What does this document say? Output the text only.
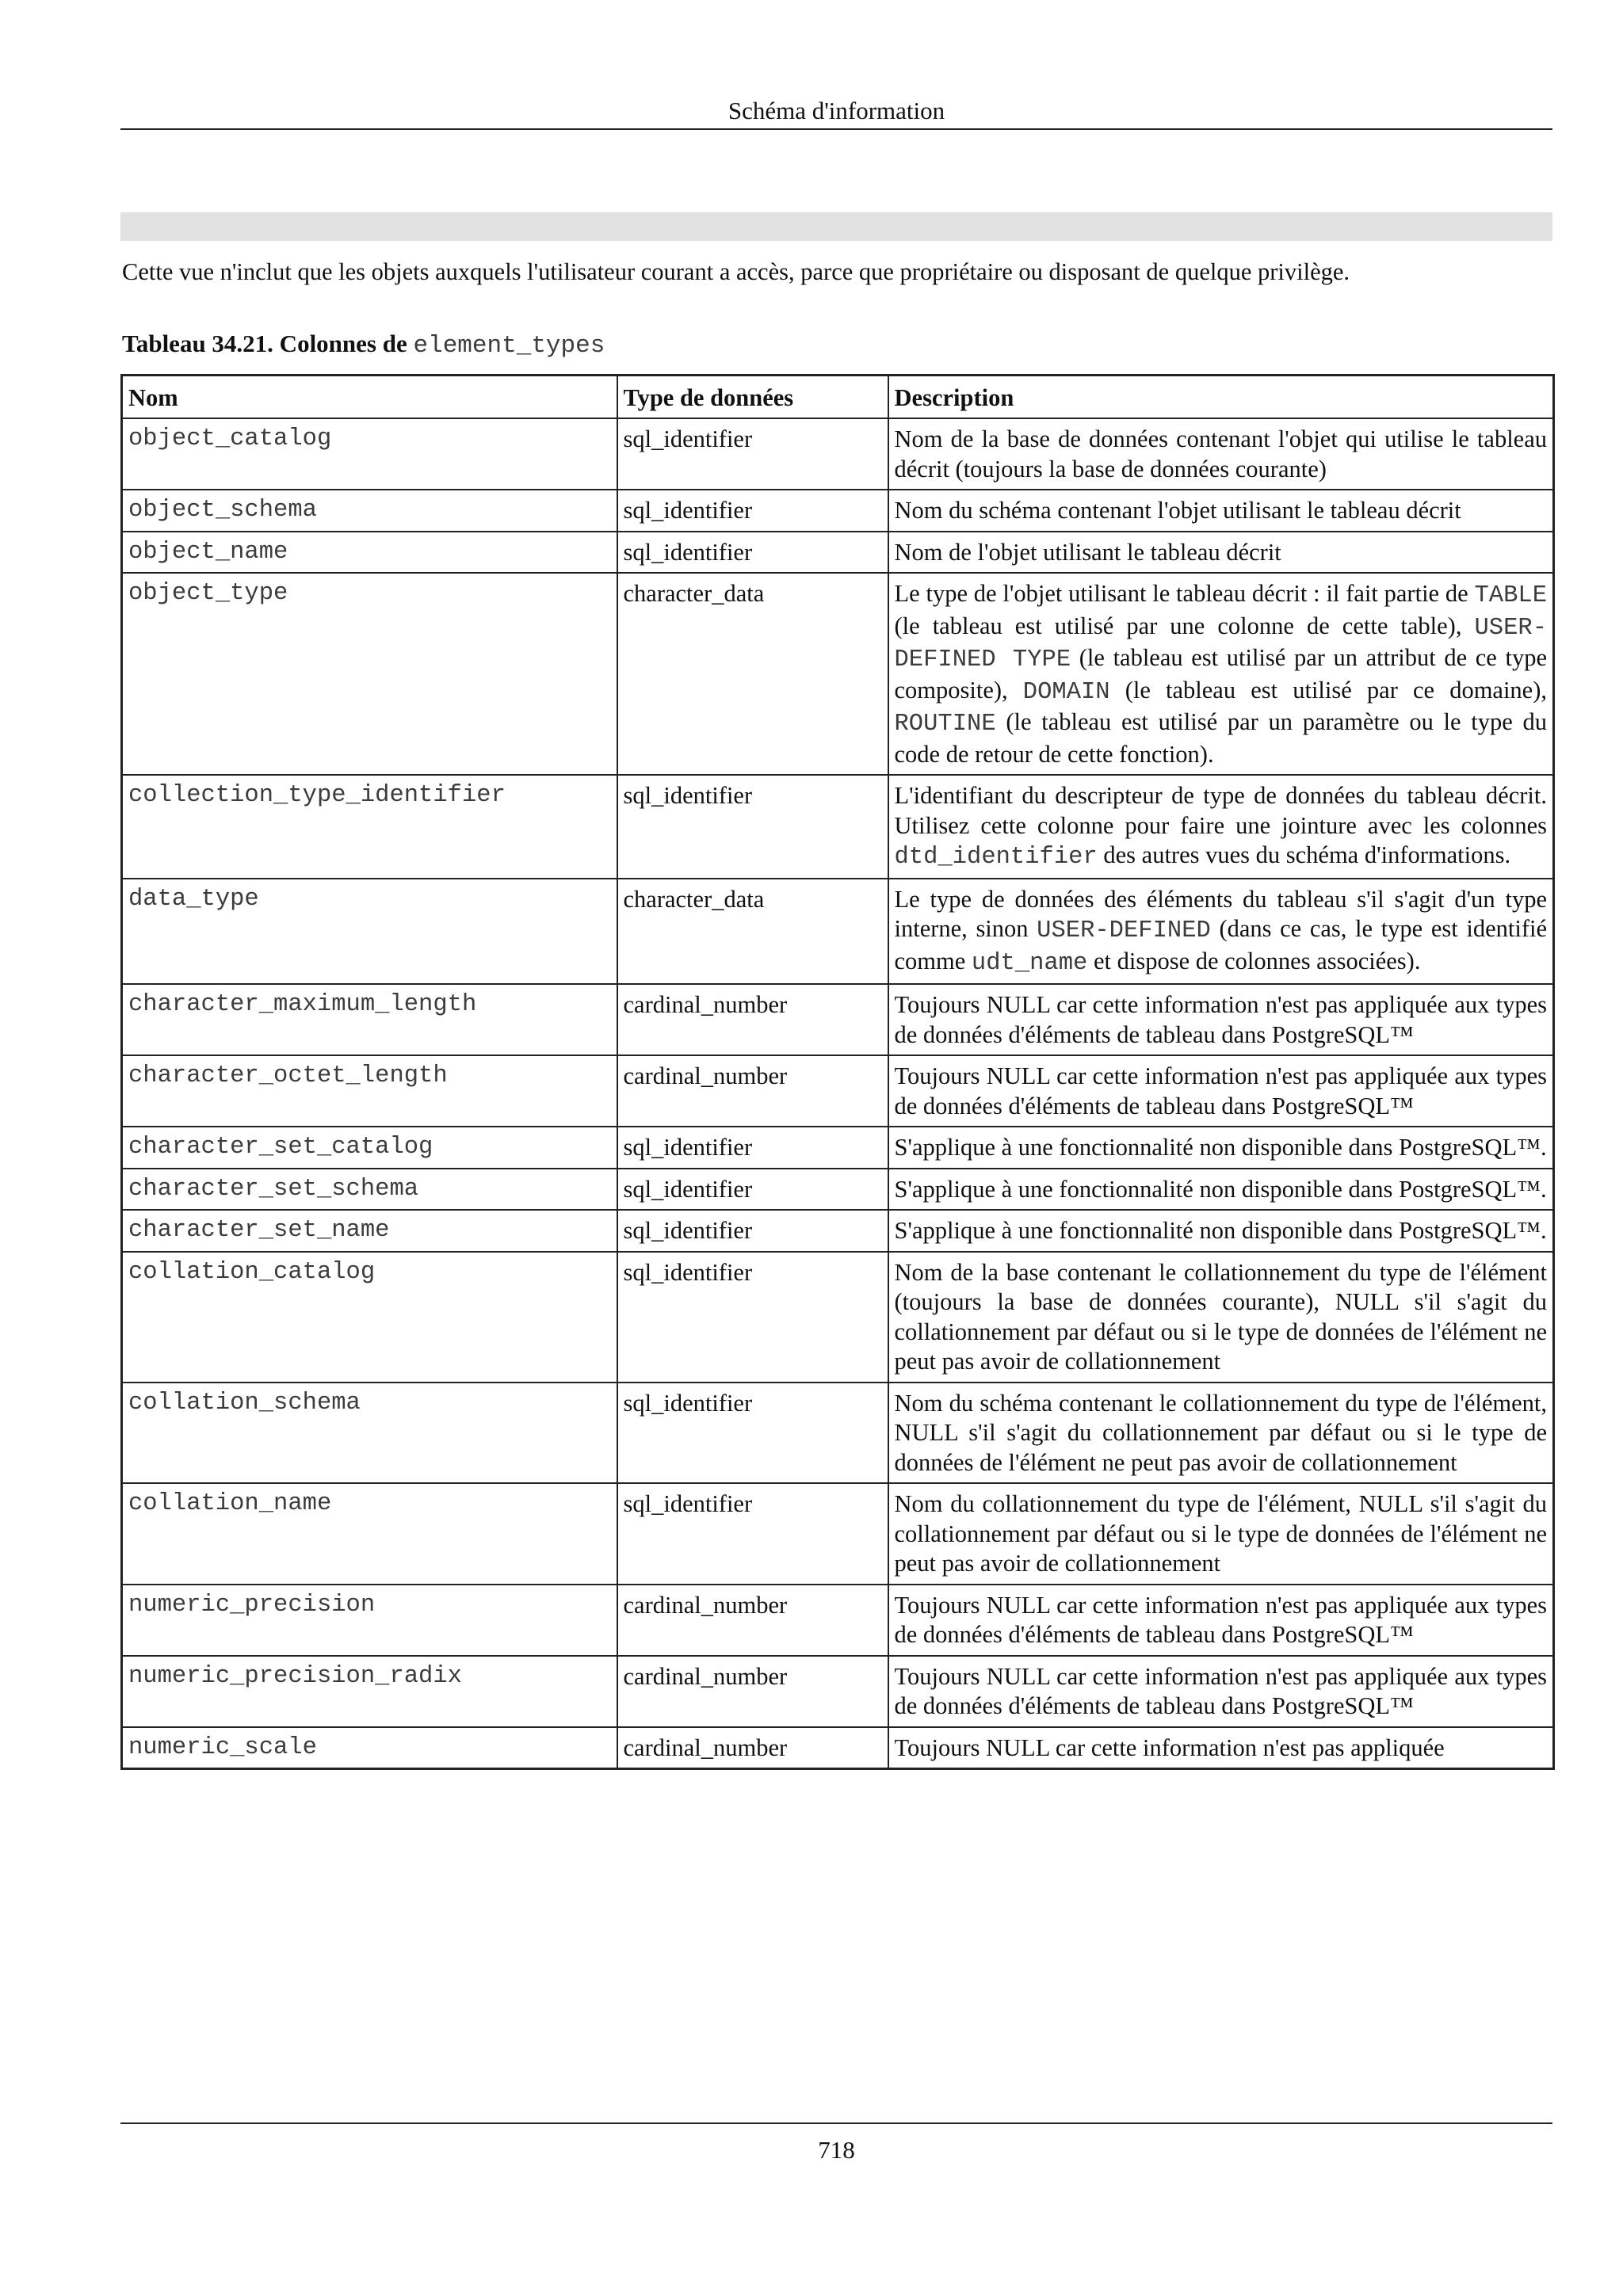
Schéma d'information
Cette vue n'inclut que les objets auxquels l'utilisateur courant a accès, parce que propriétaire ou disposant de quelque privilège.
Tableau 34.21. Colonnes de element_types
Nom	Type de données	Description
object_catalog	sql_identifier	Nom de la base de données contenant l'objet qui utilise le tableau décrit (toujours la base de données courante)
object_schema	sql_identifier	Nom du schéma contenant l'objet utilisant le tableau décrit
object_name	sql_identifier	Nom de l'objet utilisant le tableau décrit
object_type	character_data	Le type de l'objet utilisant le tableau décrit : il fait partie de TABLE (le tableau est utilisé par une colonne de cette table), USER-DEFINED TYPE (le tableau est utilisé par un attribut de ce type composite), DOMAIN (le tableau est utilisé par ce domaine), ROUTINE (le tableau est utilisé par un paramètre ou le type du code de retour de cette fonction).
collection_type_identifier	sql_identifier	L'identifiant du descripteur de type de données du tableau décrit. Utilisez cette colonne pour faire une jointure avec les colonnes dtd_identifier des autres vues du schéma d'informations.
data_type	character_data	Le type de données des éléments du tableau s'il s'agit d'un type interne, sinon USER-DEFINED (dans ce cas, le type est identifié comme udt_name et dispose de colonnes associées).
character_maximum_length	cardinal_number	Toujours NULL car cette information n'est pas appliquée aux types de données d'éléments de tableau dans PostgreSQL™
character_octet_length	cardinal_number	Toujours NULL car cette information n'est pas appliquée aux types de données d'éléments de tableau dans PostgreSQL™
character_set_catalog	sql_identifier	S'applique à une fonctionnalité non disponible dans PostgreSQL™.
character_set_schema	sql_identifier	S'applique à une fonctionnalité non disponible dans PostgreSQL™.
character_set_name	sql_identifier	S'applique à une fonctionnalité non disponible dans PostgreSQL™.
collation_catalog	sql_identifier	Nom de la base contenant le collationnement du type de l'élément (toujours la base de données courante), NULL s'il s'agit du collationnement par défaut ou si le type de données de l'élément ne peut pas avoir de collationnement
collation_schema	sql_identifier	Nom du schéma contenant le collationnement du type de l'élément, NULL s'il s'agit du collationnement par défaut ou si le type de données de l'élément ne peut pas avoir de collationnement
collation_name	sql_identifier	Nom du collationnement du type de l'élément, NULL s'il s'agit du collationnement par défaut ou si le type de données de l'élément ne peut pas avoir de collationnement
numeric_precision	cardinal_number	Toujours NULL car cette information n'est pas appliquée aux types de données d'éléments de tableau dans PostgreSQL™
numeric_precision_radix	cardinal_number	Toujours NULL car cette information n'est pas appliquée aux types de données d'éléments de tableau dans PostgreSQL™
numeric_scale	cardinal_number	Toujours NULL car cette information n'est pas appliquée
718
